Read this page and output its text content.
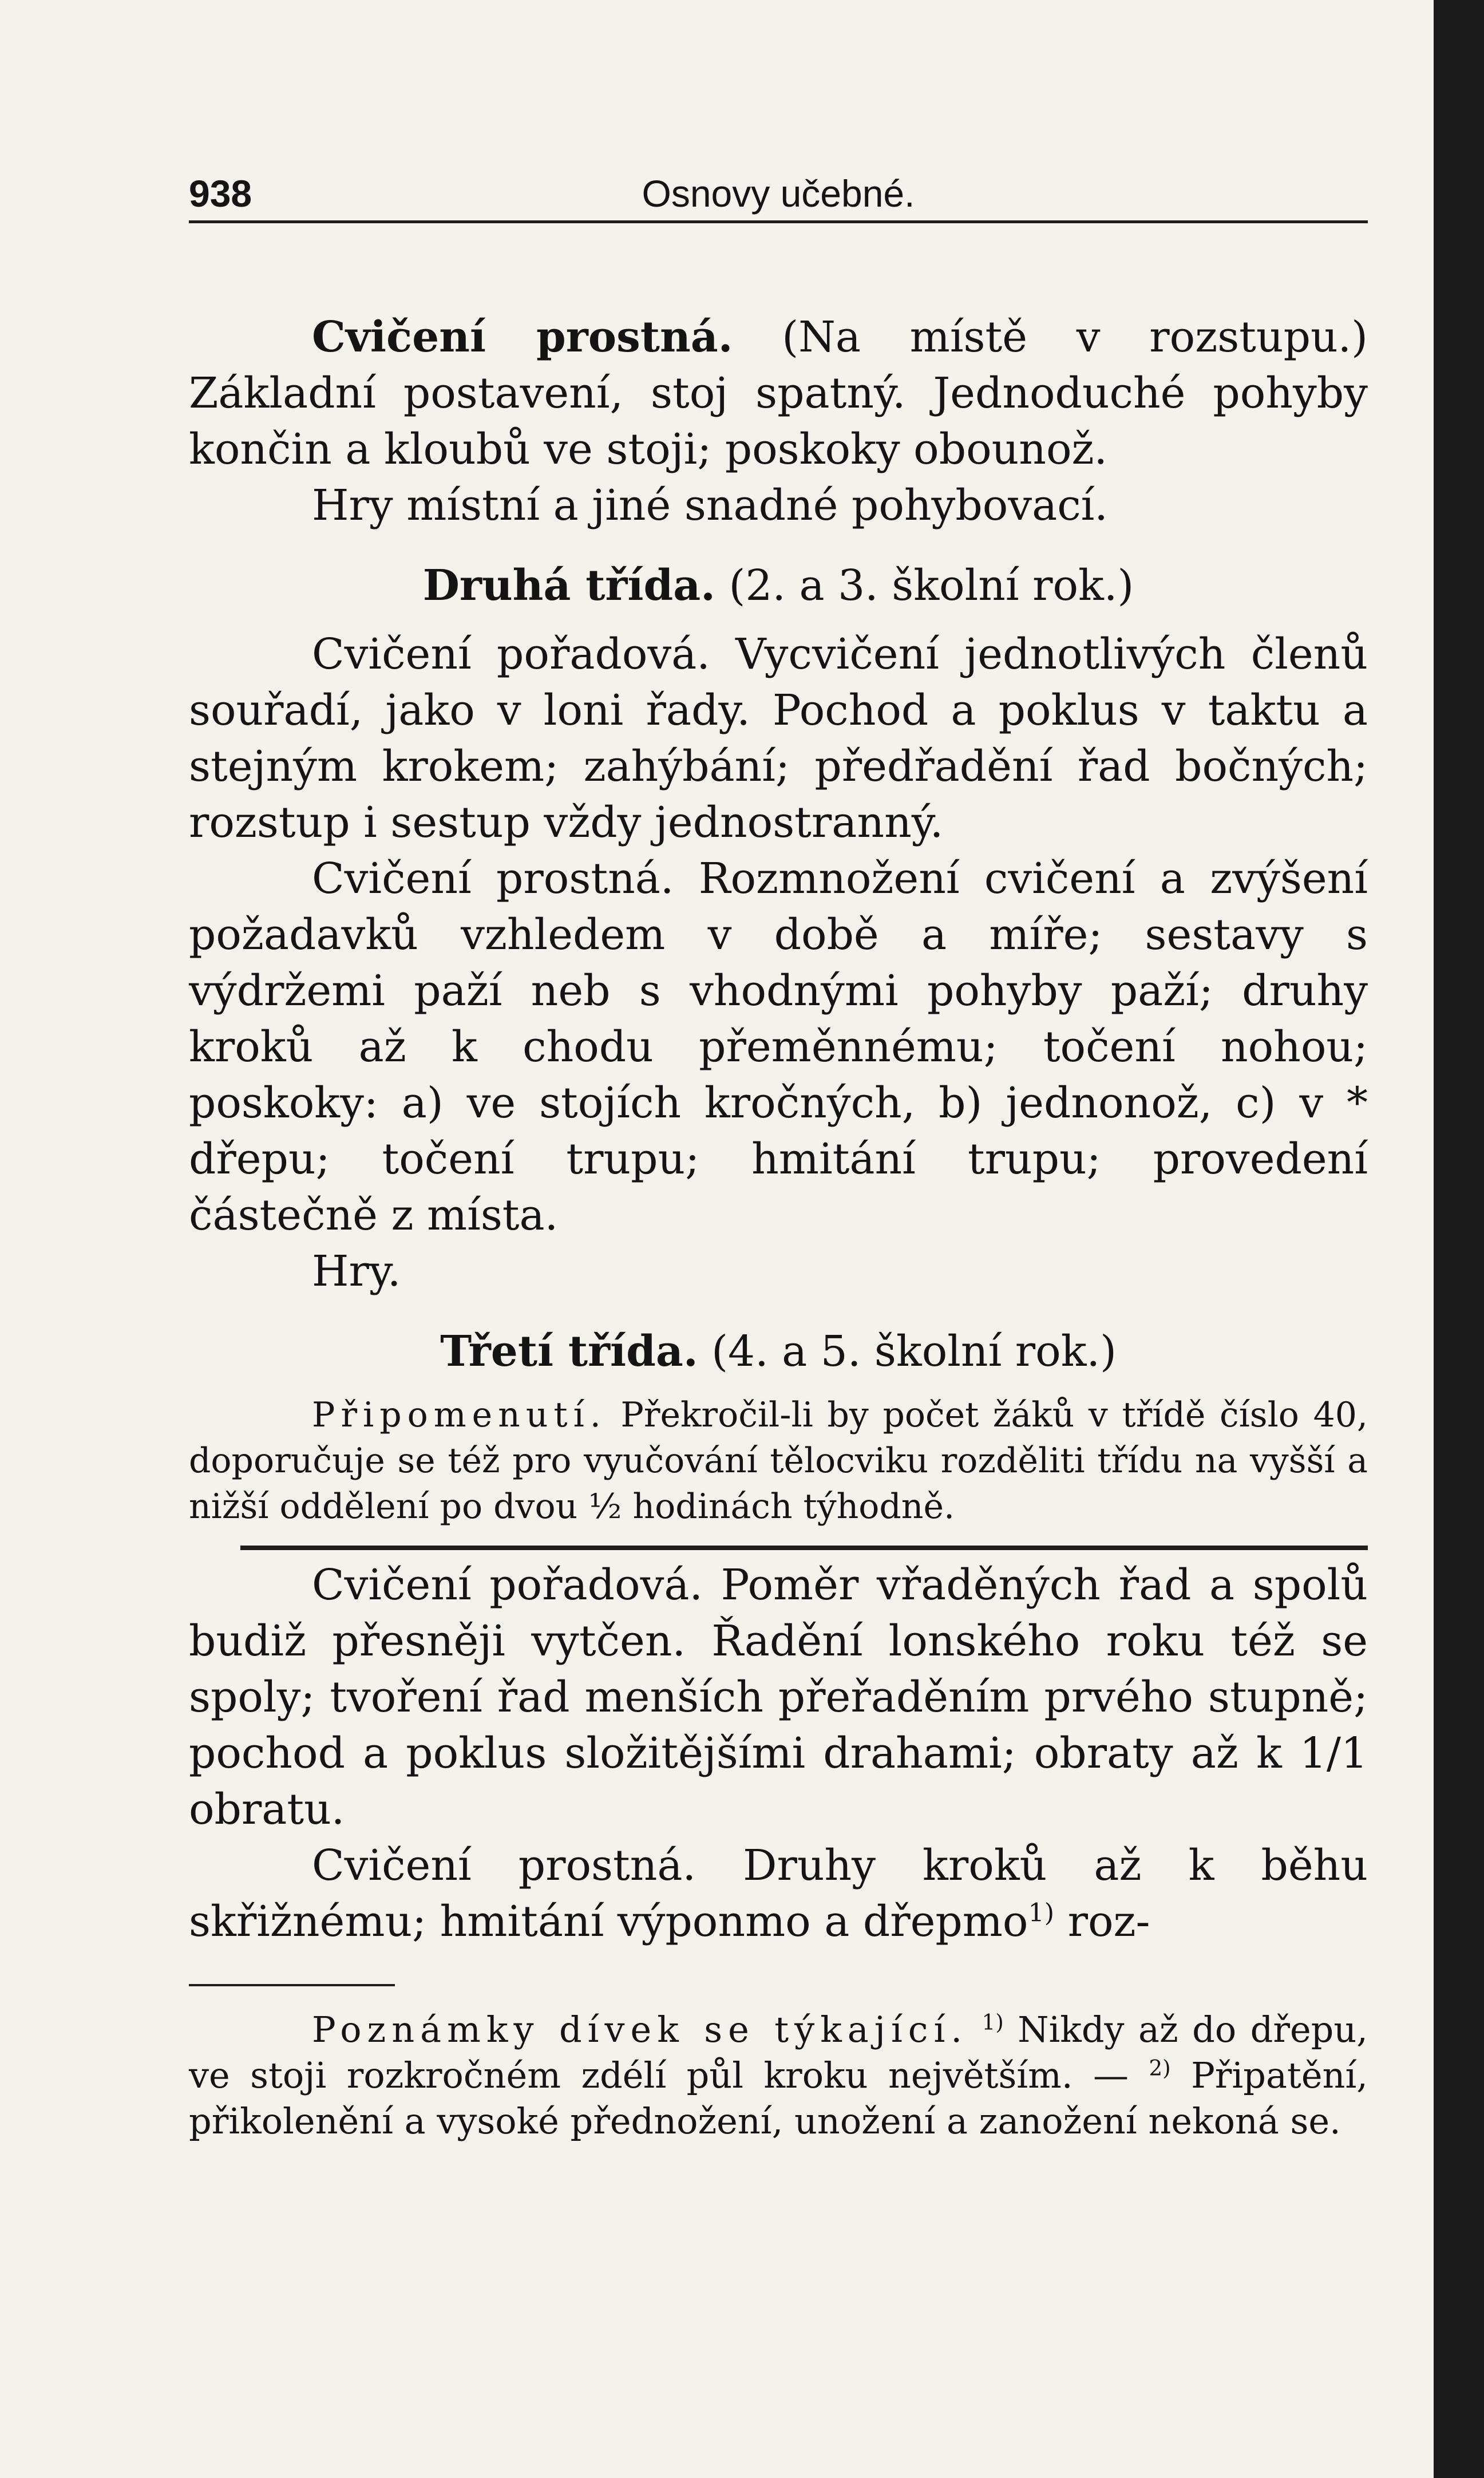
938	Osnovy učebné.

Cvičení prostná. (Na místě v rozstupu.) Základní postavení, stoj spatný. Jednoduché pohyby končin a kloubů ve stoji; poskoky obounož.

Hry místní a jiné snadné pohybovací.

Druhá třída. (2. a 3. školní rok.)

Cvičení pořadová. Vycvičení jednotlivých členů souřadí, jako v loni řady. Pochod a poklus v taktu a stejným krokem; zahýbání; předřadění řad bočných; rozstup i sestup vždy jednostranný.

Cvičení prostná. Rozmnožení cvičení a zvýšení požadavků vzhledem v době a míře; sestavy s výdržemi paží neb s vhodnými pohyby paží; druhy kroků až k chodu přeměnnému; točení nohou; poskoky: a) ve stojích kročných, b) jednonož, c) v * dřepu; točení trupu; hmitání trupu; provedení částečně z místa.

Hry.

Třetí třída. (4. a 5. školní rok.)

Připomenutí. Překročil-li by počet žáků v třídě číslo 40, doporučuje se též pro vyučování tělocviku rozděliti třídu na vyšší a nižší oddělení po dvou ½ hodinách týhodně.

Cvičení pořadová. Poměr vřaděných řad a spolů budiž přesněji vytčen. Řadění lonského roku též se spoly; tvoření řad menších přeřaděním prvého stupně; pochod a poklus složitějšími drahami; obraty až k 1/1 obratu.

Cvičení prostná. Druhy kroků až k běhu skřižnému; hmitání výponmo a dřepmo$^{1)}$ roz-

Poznámky dívek se týkající. $^{1)}$ Nikdy až do dřepu, ve stoji rozkročném zdélí půl kroku největším. — $^{2)}$ Připatění, přikolenění a vysoké přednožení, unožení a zanožení nekoná se.
